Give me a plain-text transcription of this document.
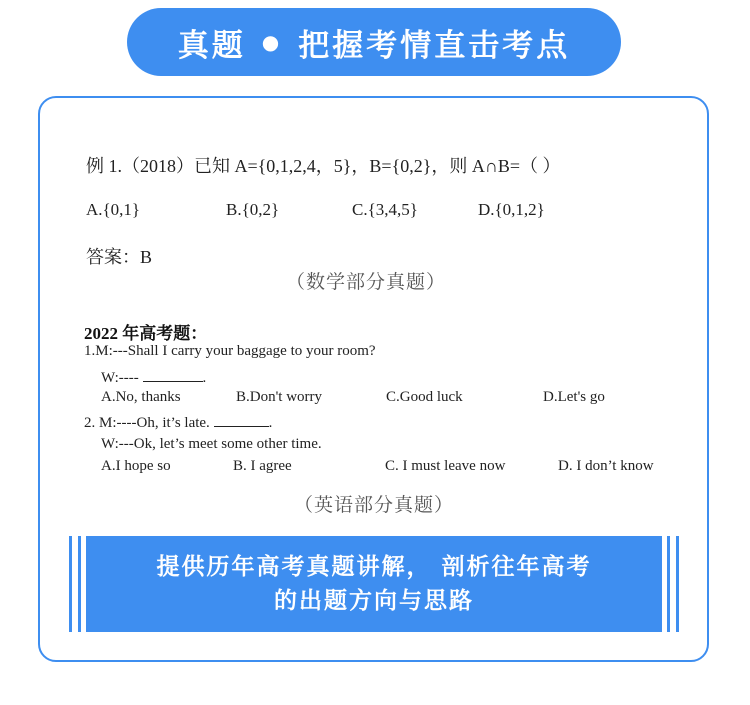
真题 ● 把握考情直击考点
例 1.（2018）已知 A={0,1,2,4，5}，B={0,2}，则 A∩B=（ ）
A.{0,1}	B.{0,2}	C.{3,4,5}	D.{0,1,2}
答案：B
（数学部分真题）
2022 年高考题：
1.M:---Shall I carry your baggage to your room?
W:----	.
A.No, thanks	B.Don't worry	C.Good luck	D.Let's go
2. M:----Oh, it’s late.	.
W:---Ok, let’s meet some other time.
A.I hope so	B. I agree	C. I must leave now	D. I don’t know
（英语部分真题）
提供历年高考真题讲解， 剖析往年高考
的出题方向与思路
